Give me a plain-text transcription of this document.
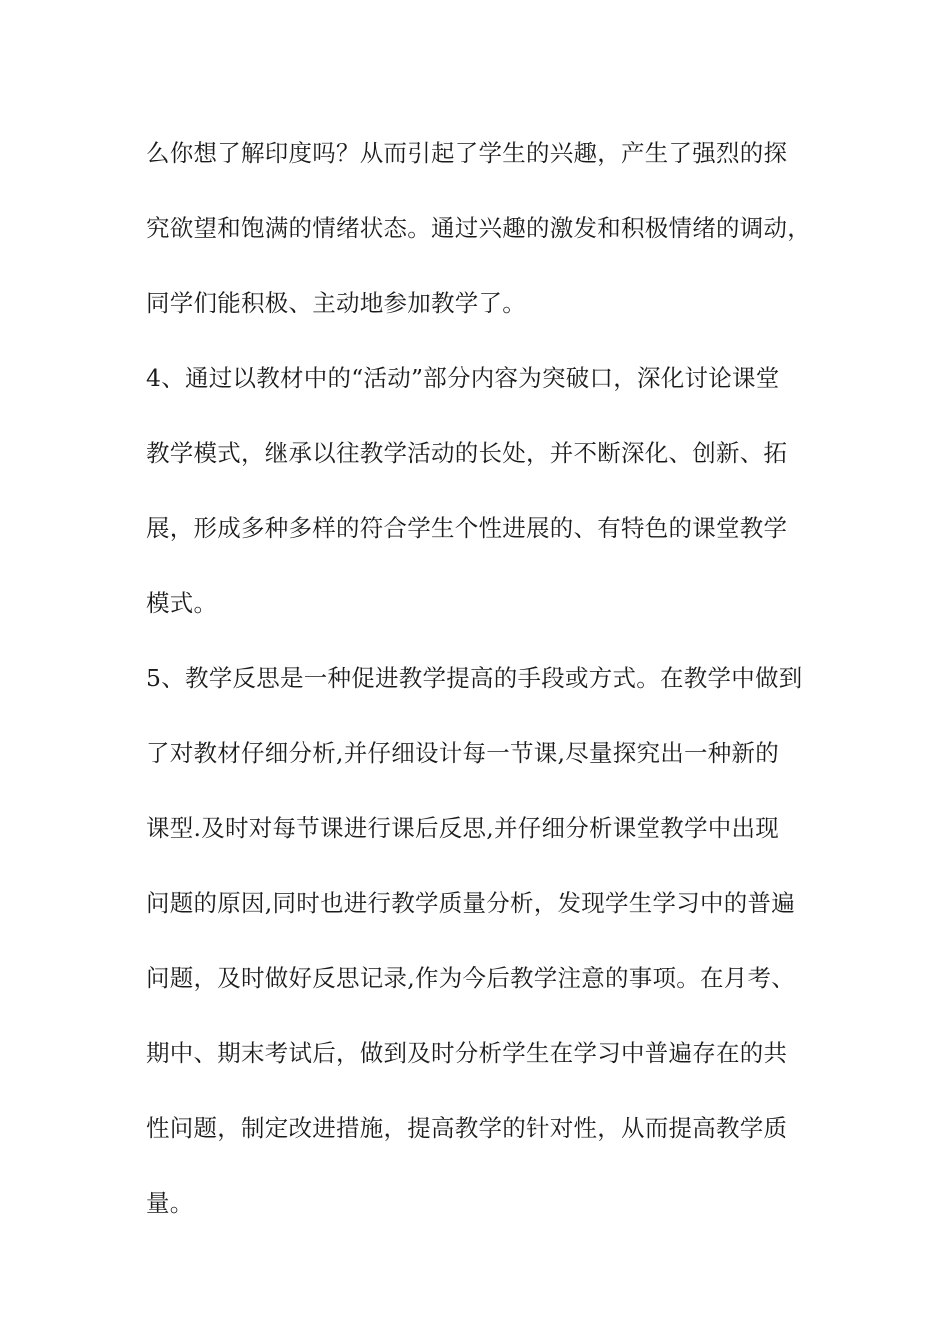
么你想了解印度吗？从而引起了学生的兴趣，产生了强烈的探
究欲望和饱满的情绪状态。通过兴趣的激发和积极情绪的调动，
同学们能积极、主动地参加教学了。
4、通过以教材中的“活动”部分内容为突破口，深化讨论课堂
教学模式，继承以往教学活动的长处，并不断深化、创新、拓
展，形成多种多样的符合学生个性进展的、有特色的课堂教学
模式。
5、教学反思是一种促进教学提高的手段或方式。在教学中做到
了对教材仔细分析,并仔细设计每一节课,尽量探究出一种新的
课型.及时对每节课进行课后反思,并仔细分析课堂教学中出现
问题的原因,同时也进行教学质量分析，发现学生学习中的普遍
问题，及时做好反思记录,作为今后教学注意的事项。在月考、
期中、期末考试后，做到及时分析学生在学习中普遍存在的共
性问题，制定改进措施，提高教学的针对性，从而提高教学质
量。
